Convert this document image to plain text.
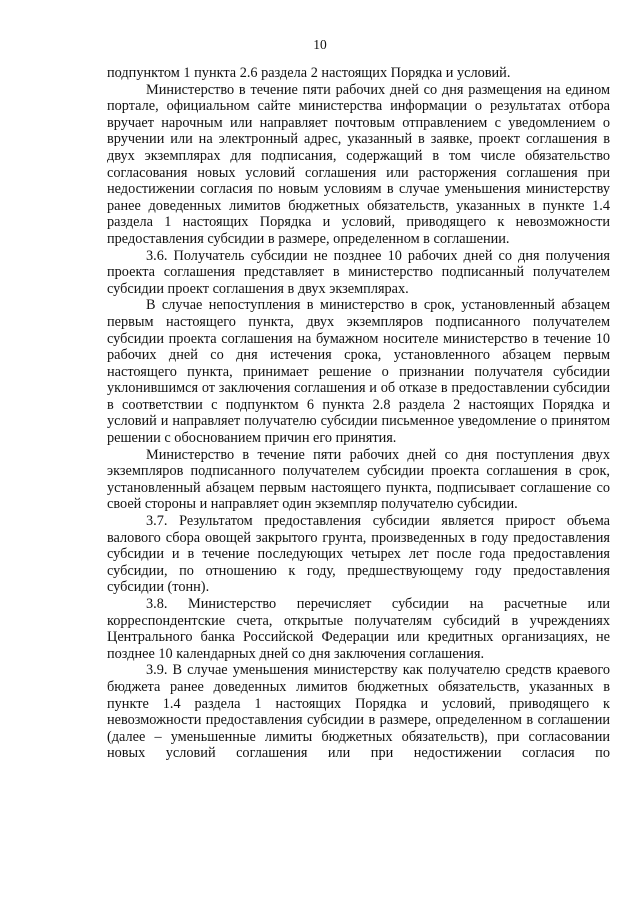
10

подпунктом 1 пункта 2.6 раздела 2 настоящих Порядка и условий.

Министерство в течение пяти рабочих дней со дня размещения на едином портале, официальном сайте министерства информации о результатах отбора вручает нарочным или направляет почтовым отправлением с уведомлением о вручении или на электронный адрес, указанный в заявке, проект соглашения в двух экземплярах для подписания, содержащий в том числе обязательство согласования новых условий соглашения или расторжения соглашения при недостижении согласия по новым условиям в случае уменьшения министерству ранее доведенных лимитов бюджетных обязательств, указанных в пункте 1.4 раздела 1 настоящих Порядка и условий, приводящего к невозможности предоставления субсидии в размере, определенном в соглашении.

3.6. Получатель субсидии не позднее 10 рабочих дней со дня получения проекта соглашения представляет в министерство подписанный получателем субсидии проект соглашения в двух экземплярах.

В случае непоступления в министерство в срок, установленный абзацем первым настоящего пункта, двух экземпляров подписанного получателем субсидии проекта соглашения на бумажном носителе министерство в течение 10 рабочих дней со дня истечения срока, установленного абзацем первым настоящего пункта, принимает решение о признании получателя субсидии уклонившимся от заключения соглашения и об отказе в предоставлении субсидии в соответствии с подпунктом 6 пункта 2.8 раздела 2 настоящих Порядка и условий и направляет получателю субсидии письменное уведомление о принятом решении с обоснованием причин его принятия.

Министерство в течение пяти рабочих дней со дня поступления двух экземпляров подписанного получателем субсидии проекта соглашения в срок, установленный абзацем первым настоящего пункта, подписывает соглашение со своей стороны и направляет один экземпляр получателю субсидии.

3.7. Результатом предоставления субсидии является прирост объема валового сбора овощей закрытого грунта, произведенных в году предоставления субсидии и в течение последующих четырех лет после года предоставления субсидии, по отношению к году, предшествующему году предоставления субсидии (тонн).

3.8. Министерство перечисляет субсидии на расчетные или корреспондентские счета, открытые получателям субсидий в учреждениях Центрального банка Российской Федерации или кредитных организациях, не позднее 10 календарных дней со дня заключения соглашения.

3.9. В случае уменьшения министерству как получателю средств краевого бюджета ранее доведенных лимитов бюджетных обязательств, указанных в пункте 1.4 раздела 1 настоящих Порядка и условий, приводящего к невозможности предоставления субсидии в размере, определенном в соглашении (далее – уменьшенные лимиты бюджетных обязательств), при согласовании новых условий соглашения или при недостижении согласия по
